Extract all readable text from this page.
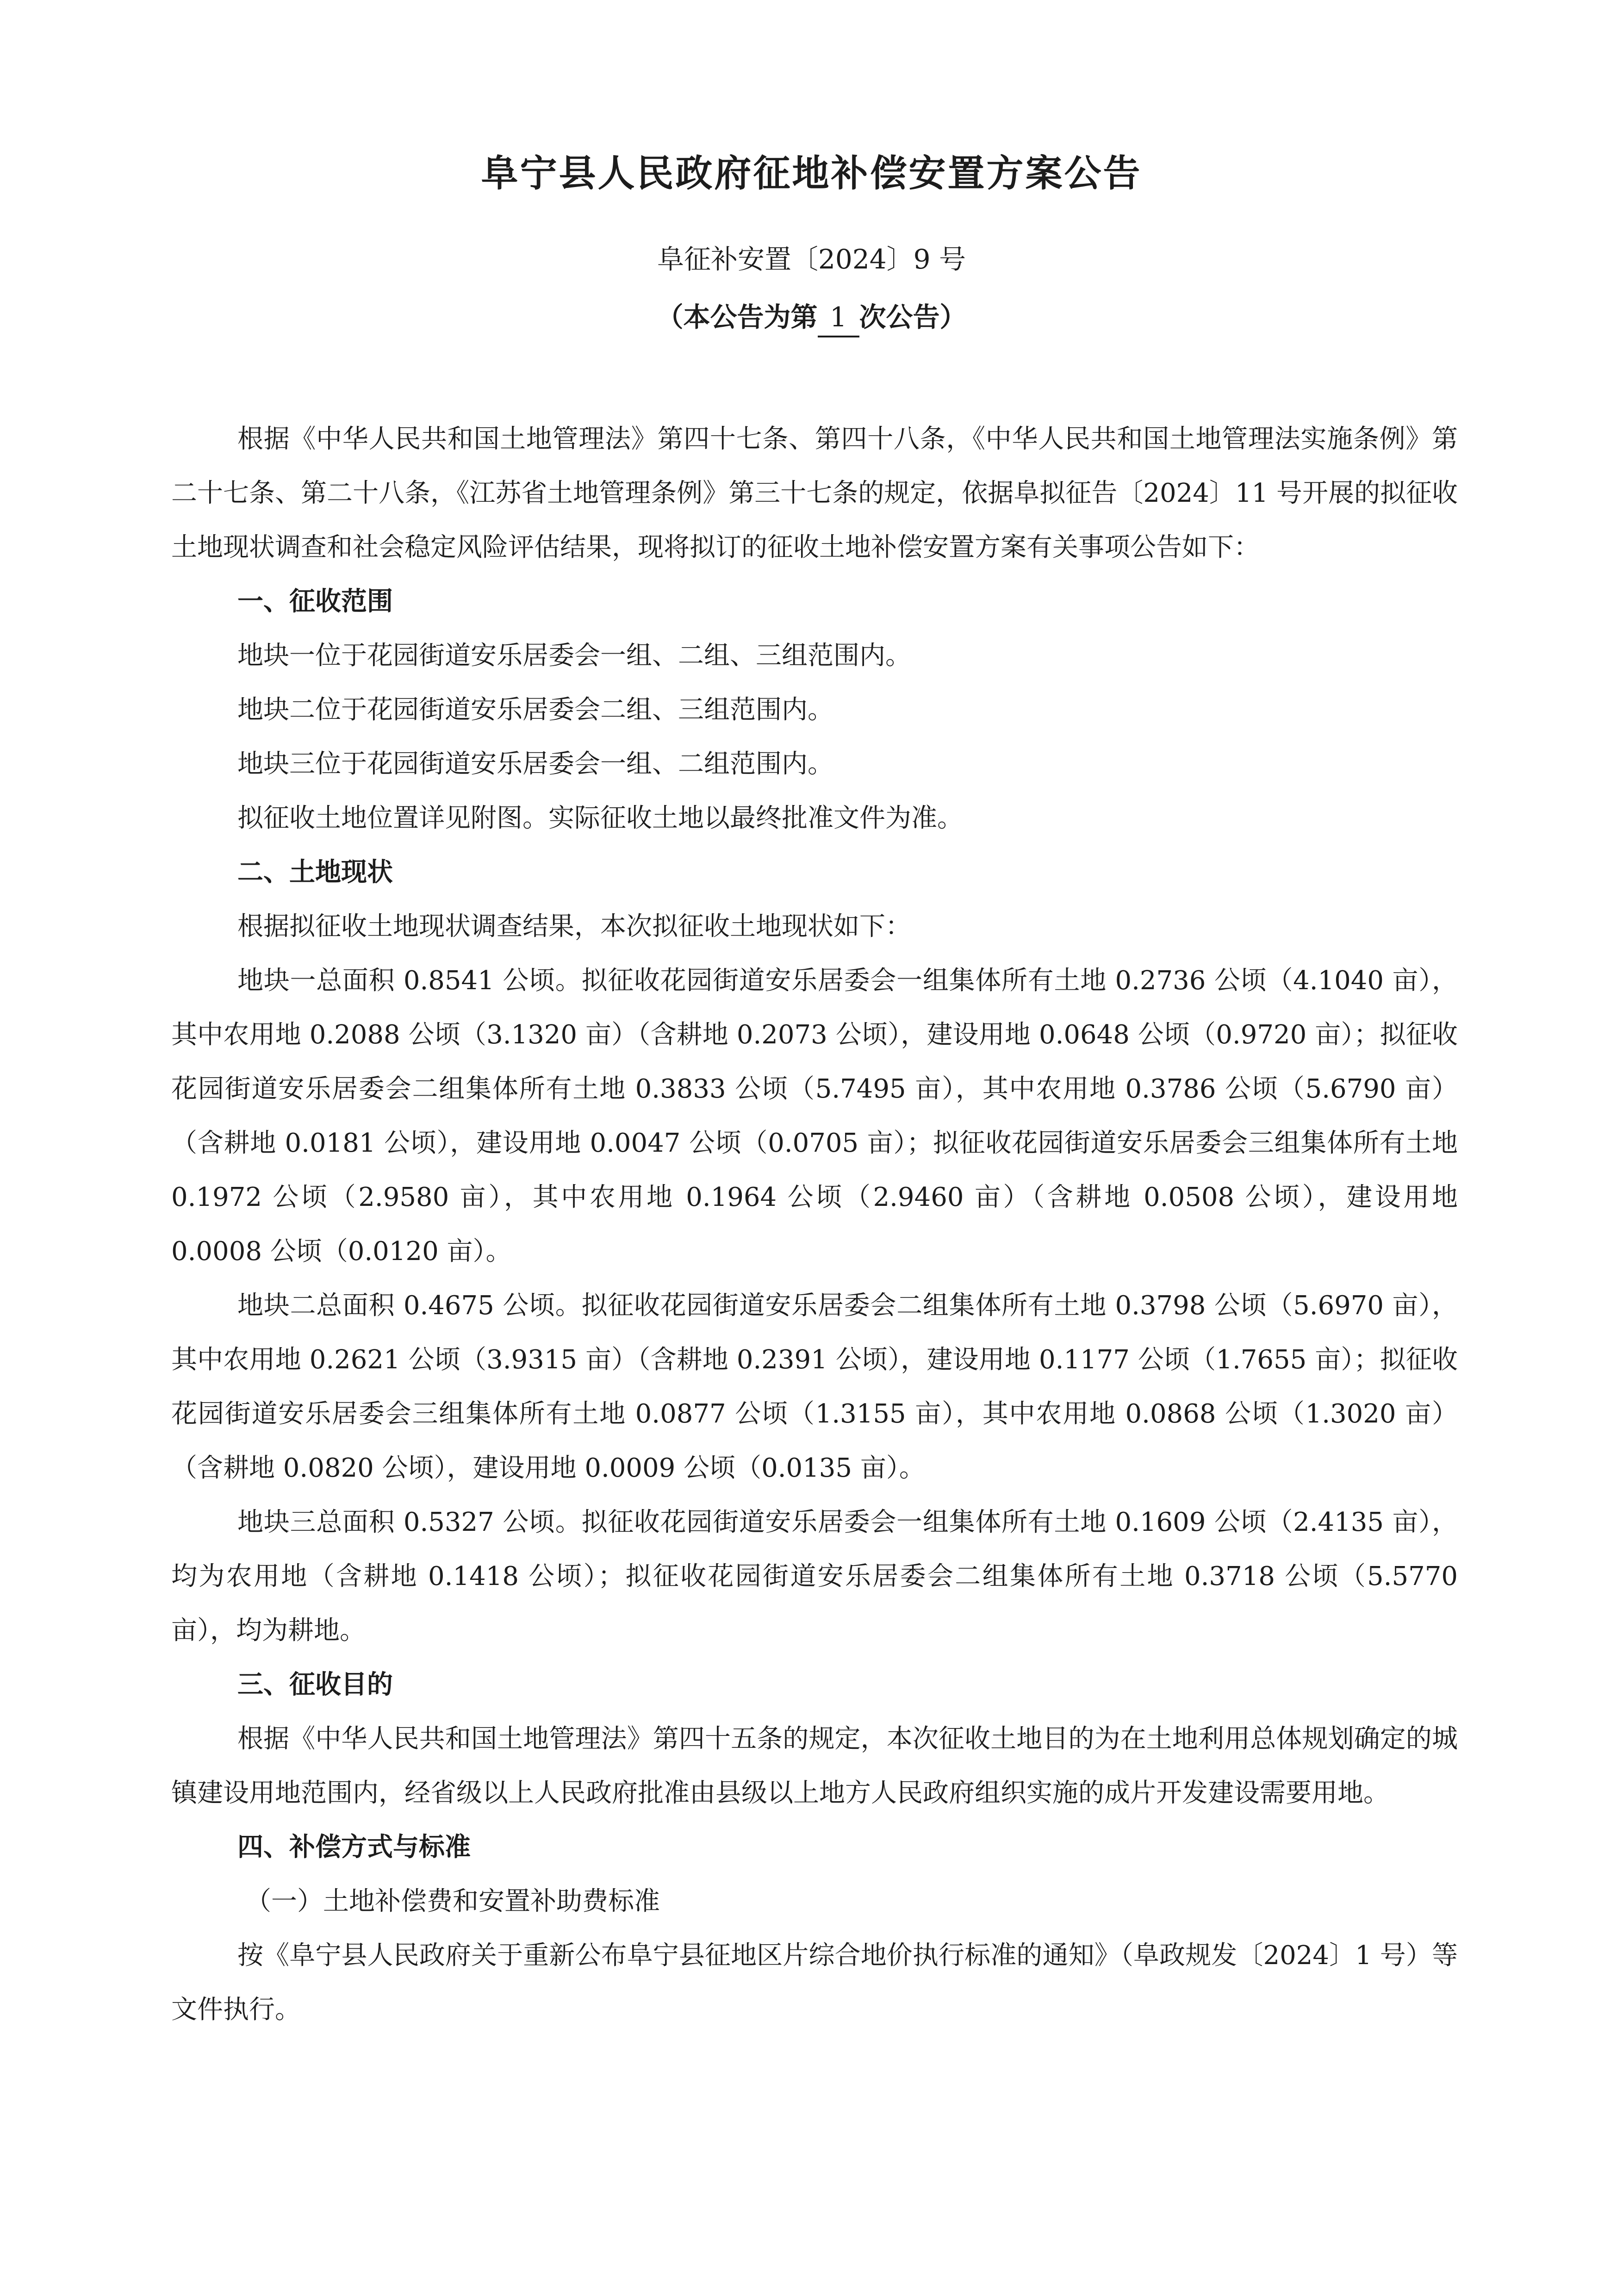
阜宁县人民政府征地补偿安置方案公告
阜征补安置〔2024〕9 号
（本公告为第 1 次公告）

根据《中华人民共和国土地管理法》第四十七条、第四十八条，《中华人民共和国土地管理法实施条例》第二十七条、第二十八条，《江苏省土地管理条例》第三十七条的规定，依据阜拟征告〔2024〕11 号开展的拟征收土地现状调查和社会稳定风险评估结果，现将拟订的征收土地补偿安置方案有关事项公告如下：

一、征收范围

地块一位于花园街道安乐居委会一组、二组、三组范围内。

地块二位于花园街道安乐居委会二组、三组范围内。

地块三位于花园街道安乐居委会一组、二组范围内。

拟征收土地位置详见附图。实际征收土地以最终批准文件为准。

二、土地现状

根据拟征收土地现状调查结果，本次拟征收土地现状如下：

地块一总面积 0.8541 公顷。拟征收花园街道安乐居委会一组集体所有土地 0.2736 公顷（4.1040 亩），其中农用地 0.2088 公顷（3.1320 亩）（含耕地 0.2073 公顷），建设用地 0.0648 公顷（0.9720 亩）；拟征收花园街道安乐居委会二组集体所有土地 0.3833 公顷（5.7495 亩），其中农用地 0.3786 公顷（5.6790 亩）（含耕地 0.0181 公顷），建设用地 0.0047 公顷（0.0705 亩）；拟征收花园街道安乐居委会三组集体所有土地 0.1972 公顷（2.9580 亩），其中农用地 0.1964 公顷（2.9460 亩）（含耕地 0.0508 公顷），建设用地 0.0008 公顷（0.0120 亩）。

地块二总面积 0.4675 公顷。拟征收花园街道安乐居委会二组集体所有土地 0.3798 公顷（5.6970 亩），其中农用地 0.2621 公顷（3.9315 亩）（含耕地 0.2391 公顷），建设用地 0.1177 公顷（1.7655 亩）；拟征收花园街道安乐居委会三组集体所有土地 0.0877 公顷（1.3155 亩），其中农用地 0.0868 公顷（1.3020 亩）（含耕地 0.0820 公顷），建设用地 0.0009 公顷（0.0135 亩）。

地块三总面积 0.5327 公顷。拟征收花园街道安乐居委会一组集体所有土地 0.1609 公顷（2.4135 亩），均为农用地（含耕地 0.1418 公顷）；拟征收花园街道安乐居委会二组集体所有土地 0.3718 公顷（5.5770 亩），均为耕地。

三、征收目的

根据《中华人民共和国土地管理法》第四十五条的规定，本次征收土地目的为在土地利用总体规划确定的城镇建设用地范围内，经省级以上人民政府批准由县级以上地方人民政府组织实施的成片开发建设需要用地。

四、补偿方式与标准

（一）土地补偿费和安置补助费标准

按《阜宁县人民政府关于重新公布阜宁县征地区片综合地价执行标准的通知》（阜政规发〔2024〕1 号）等文件执行。
